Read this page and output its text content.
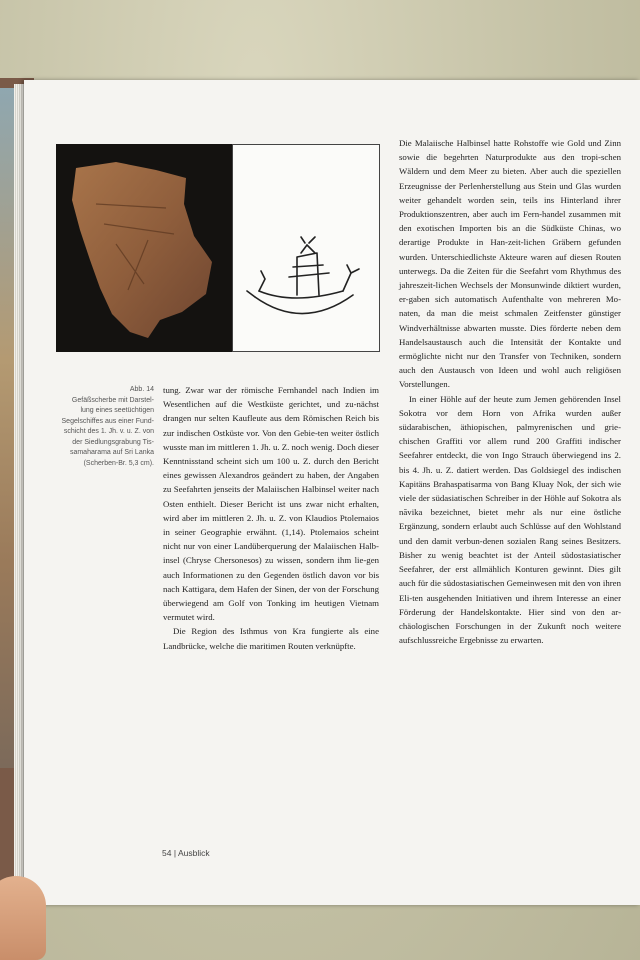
Abb. 14
Gefäßscherbe mit Darstel-
lung eines seetüchtigen
Segelschiffes aus einer Fund-
schicht des 1. Jh. v. u. Z. von
der Siedlungsgrabung Tis-
samaharama auf Sri Lanka
(Scherben-Br. 5,3 cm).

tung. Zwar war der römische Fernhandel nach Indien im Wesentlichen auf die Westküste gerichtet, und zu-nächst drangen nur selten Kaufleute aus dem Römischen Reich bis zur indischen Ostküste vor. Von den Gebie-ten weiter östlich wusste man im mittleren 1. Jh. u. Z. noch wenig. Doch dieser Kenntnisstand scheint sich um 100 u. Z. durch den Bericht eines gewissen Alexandros geändert zu haben, der Angaben zu Seefahrten jenseits der Malaiischen Halbinsel weiter nach Osten enthielt. Dieser Bericht ist uns zwar nicht erhalten, wird aber im mittleren 2. Jh. u. Z. von Klaudios Ptolemaios in seiner Geographie erwähnt. (1,14). Ptolemaios scheint nicht nur von einer Landüberquerung der Malaiischen Halb-insel (Chryse Chersonesos) zu wissen, sondern ihm lie-gen auch Informationen zu den Gegenden östlich davon vor bis nach Kattigara, dem Hafen der Sinen, der von der Forschung überwiegend am Golf von Tonking im heutigen Vietnam vermutet wird.

Die Region des Isthmus von Kra fungierte als eine Landbrücke, welche die maritimen Routen verknüpfte.

Die Malaiische Halbinsel hatte Rohstoffe wie Gold und Zinn sowie die begehrten Naturprodukte aus den tropi-schen Wäldern und dem Meer zu bieten. Aber auch die speziellen Erzeugnisse der Perlenherstellung aus Stein und Glas wurden weiter gehandelt worden sein, teils ins Hinterland ihrer Produktionszentren, aber auch im Fern-handel zusammen mit den exotischen Importen bis an die Südküste Chinas, wo derartige Produkte in Han-zeit-lichen Gräbern gefunden wurden. Unterschiedlichste Akteure waren auf diesen Routen unterwegs. Da die Zeiten für die Seefahrt vom Rhythmus des jahreszeit-lichen Wechsels der Monsunwinde diktiert wurden, er-gaben sich automatisch Aufenthalte von mehreren Mo-naten, da man die meist schmalen Zeitfenster günstiger Windverhältnisse abwarten musste. Dies förderte neben dem Handelsaustausch auch die Intensität der Kontakte und ermöglichte nicht nur den Transfer von Techniken, sondern auch den Austausch von Ideen und wohl auch religiösen Vorstellungen.

In einer Höhle auf der heute zum Jemen gehörenden Insel Sokotra vor dem Horn von Afrika wurden außer südarabischen, äthiopischen, palmyrenischen und grie-chischen Graffiti vor allem rund 200 Graffiti indischer Seefahrer entdeckt, die von Ingo Strauch überwiegend ins 2. bis 4. Jh. u. Z. datiert werden. Das Goldsiegel des indischen Kapitäns Brahaspatisarma von Bang Kluay Nok, der sich wie viele der südasiatischen Schreiber in der Höhle auf Sokotra als nāvika bezeichnet, bietet mehr als nur eine östliche Ergänzung, sondern erlaubt auch Schlüsse auf den Wohlstand und den damit verbun-denen sozialen Rang seines Besitzers. Bisher zu wenig beachtet ist der Anteil südostasiatischer Seefahrer, der erst allmählich Konturen gewinnt. Dies gilt auch für die südostasiatischen Gemeinwesen mit den von ihren Eli-ten ausgehenden Initiativen und ihrem Interesse an einer Förderung der Handelskontakte. Hier sind von den ar-chäologischen Forschungen in der Zukunft noch weitere aufschlussreiche Ergebnisse zu erwarten.

54 | Ausblick
